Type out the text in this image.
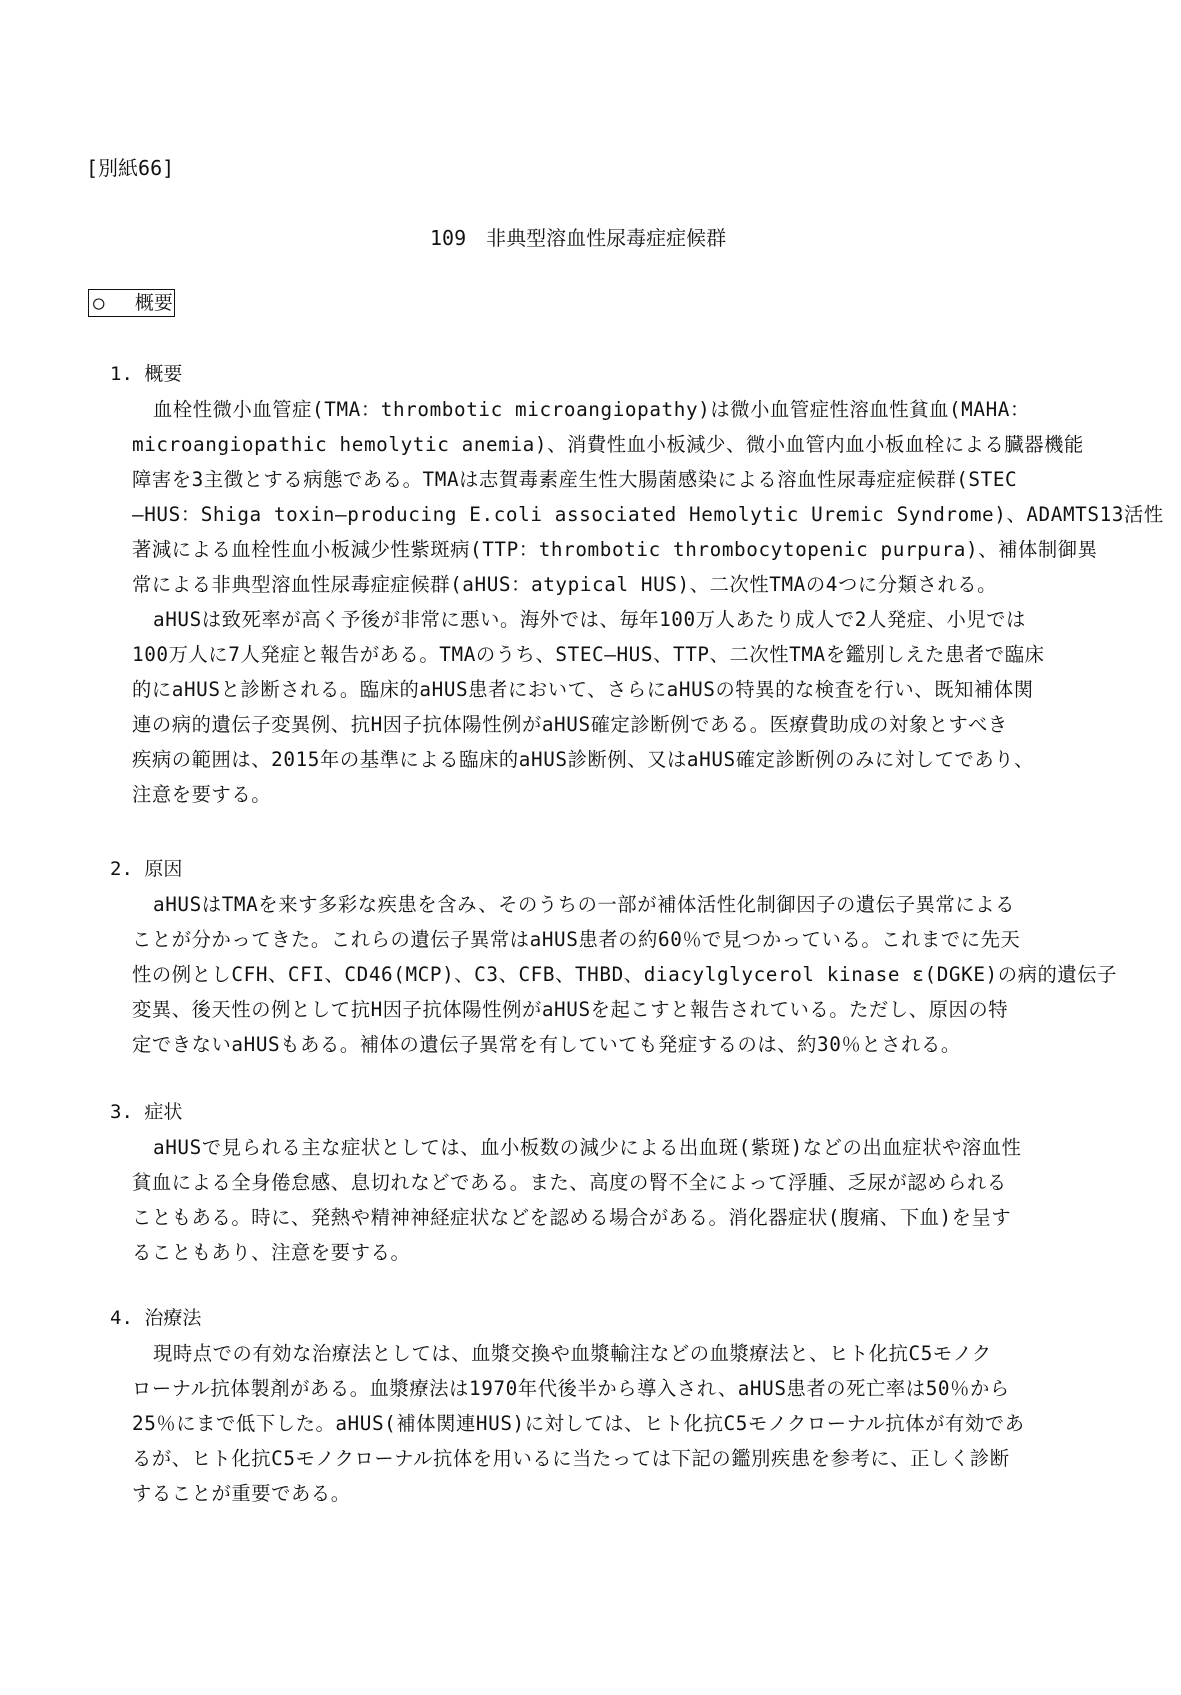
[別紙66]
109　非典型溶血性尿毒症症候群
○　 概要
1. 概要
血栓性微小血管症(TMA：thrombotic microangiopathy)は微小血管症性溶血性貧血(MAHA：
microangiopathic hemolytic anemia)、消費性血小板減少、微小血管内血小板血栓による臓器機能
障害を3主徴とする病態である。TMAは志賀毒素産生性大腸菌感染による溶血性尿毒症症候群(STEC
―HUS：Shiga toxin―producing E.coli associated Hemolytic Uremic Syndrome)、ADAMTS13活性
著減による血栓性血小板減少性紫斑病(TTP：thrombotic thrombocytopenic purpura)、補体制御異
常による非典型溶血性尿毒症症候群(aHUS：atypical HUS)、二次性TMAの4つに分類される。
aHUSは致死率が高く予後が非常に悪い。海外では、毎年100万人あたり成人で2人発症、小児では
100万人に7人発症と報告がある。TMAのうち、STEC―HUS、TTP、二次性TMAを鑑別しえた患者で臨床
的にaHUSと診断される。臨床的aHUS患者において、さらにaHUSの特異的な検査を行い、既知補体関
連の病的遺伝子変異例、抗H因子抗体陽性例がaHUS確定診断例である。医療費助成の対象とすべき
疾病の範囲は、2015年の基準による臨床的aHUS診断例、又はaHUS確定診断例のみに対してであり、
注意を要する。
2. 原因
aHUSはTMAを来す多彩な疾患を含み、そのうちの一部が補体活性化制御因子の遺伝子異常による
ことが分かってきた。これらの遺伝子異常はaHUS患者の約60％で見つかっている。これまでに先天
性の例としCFH、CFI、CD46(MCP)、C3、CFB、THBD、diacylglycerol kinase ε(DGKE)の病的遺伝子
変異、後天性の例として抗H因子抗体陽性例がaHUSを起こすと報告されている。ただし、原因の特
定できないaHUSもある。補体の遺伝子異常を有していても発症するのは、約30％とされる。
3. 症状
aHUSで見られる主な症状としては、血小板数の減少による出血斑(紫斑)などの出血症状や溶血性
貧血による全身倦怠感、息切れなどである。また、高度の腎不全によって浮腫、乏尿が認められる
こともある。時に、発熱や精神神経症状などを認める場合がある。消化器症状(腹痛、下血)を呈す
ることもあり、注意を要する。
4. 治療法
現時点での有効な治療法としては、血漿交換や血漿輸注などの血漿療法と、ヒト化抗C5モノク
ローナル抗体製剤がある。血漿療法は1970年代後半から導入され、aHUS患者の死亡率は50％から
25％にまで低下した。aHUS(補体関連HUS)に対しては、ヒト化抗C5モノクローナル抗体が有効であ
るが、ヒト化抗C5モノクローナル抗体を用いるに当たっては下記の鑑別疾患を参考に、正しく診断
することが重要である。
